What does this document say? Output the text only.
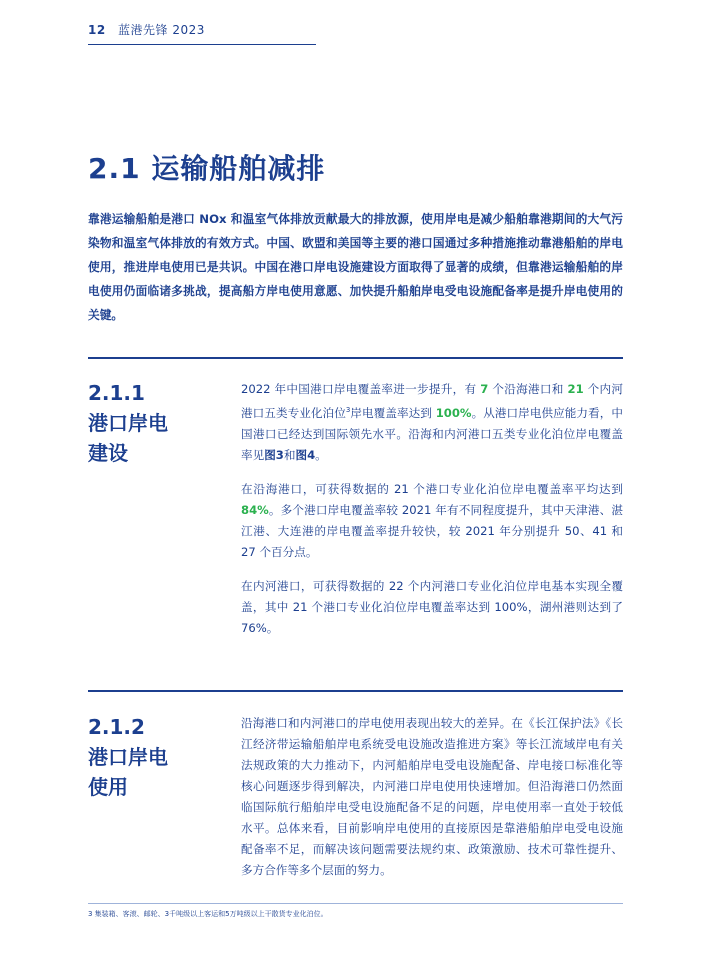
12 蓝港先锋 2023
2.1 运输船舶减排

靠港运输船舶是港口 NOx 和温室气体排放贡献最大的排放源，使用岸电是减少船舶靠港期间的大气污染物和温室气体排放的有效方式。中国、欧盟和美国等主要的港口国通过多种措施推动靠港船舶的岸电使用，推进岸电使用已是共识。中国在港口岸电设施建设方面取得了显著的成绩，但靠港运输船舶的岸电使用仍面临诸多挑战，提高船方岸电使用意愿、加快提升船舶岸电受电设施配备率是提升岸电使用的关键。

2.1.1
港口岸电
建设

2022 年中国港口岸电覆盖率进一步提升，有 7 个沿海港口和 21 个内河港口五类专业化泊位$^3$岸电覆盖率达到 100%。从港口岸电供应能力看，中国港口已经达到国际领先水平。沿海和内河港口五类专业化泊位岸电覆盖率见图3和图4。

在沿海港口，可获得数据的 21 个港口专业化泊位岸电覆盖率平均达到 84%。多个港口岸电覆盖率较 2021 年有不同程度提升，其中天津港、湛江港、大连港的岸电覆盖率提升较快，较 2021 年分别提升 50、41 和 27 个百分点。

在内河港口，可获得数据的 22 个内河港口专业化泊位岸电基本实现全覆盖，其中 21 个港口专业化泊位岸电覆盖率达到 100%，湖州港则达到了 76%。

2.1.2
港口岸电
使用

沿海港口和内河港口的岸电使用表现出较大的差异。在《长江保护法》《长江经济带运输船舶岸电系统受电设施改造推进方案》等长江流域岸电有关法规政策的大力推动下，内河船舶岸电受电设施配备、岸电接口标准化等核心问题逐步得到解决，内河港口岸电使用快速增加。但沿海港口仍然面临国际航行船舶岸电受电设施配备不足的问题，岸电使用率一直处于较低水平。总体来看，目前影响岸电使用的直接原因是靠港船舶岸电受电设施配备率不足，而解决该问题需要法规约束、政策激励、技术可靠性提升、多方合作等多个层面的努力。

3 集装箱、客滚、邮轮、3千吨级以上客运和5万吨级以上干散货专业化泊位。
